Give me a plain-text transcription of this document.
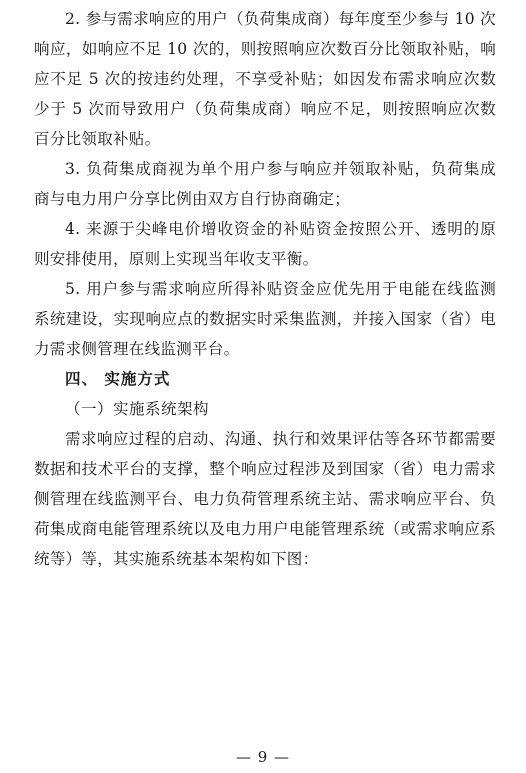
2. 参与需求响应的用户（负荷集成商）每年度至少参与 10 次响应，如响应不足 10 次的，则按照响应次数百分比领取补贴，响应不足 5 次的按违约处理，不享受补贴；如因发布需求响应次数少于 5 次而导致用户（负荷集成商）响应不足，则按照响应次数百分比领取补贴。

3. 负荷集成商视为单个用户参与响应并领取补贴，负荷集成商与电力用户分享比例由双方自行协商确定；

4. 来源于尖峰电价增收资金的补贴资金按照公开、透明的原则安排使用，原则上实现当年收支平衡。

5. 用户参与需求响应所得补贴资金应优先用于电能在线监测系统建设，实现响应点的数据实时采集监测，并接入国家（省）电力需求侧管理在线监测平台。

四、 实施方式

（一）实施系统架构

需求响应过程的启动、沟通、执行和效果评估等各环节都需要数据和技术平台的支撑，整个响应过程涉及到国家（省）电力需求侧管理在线监测平台、电力负荷管理系统主站、需求响应平台、负荷集成商电能管理系统以及电力用户电能管理系统（或需求响应系统等）等，其实施系统基本架构如下图：

— 9 —
